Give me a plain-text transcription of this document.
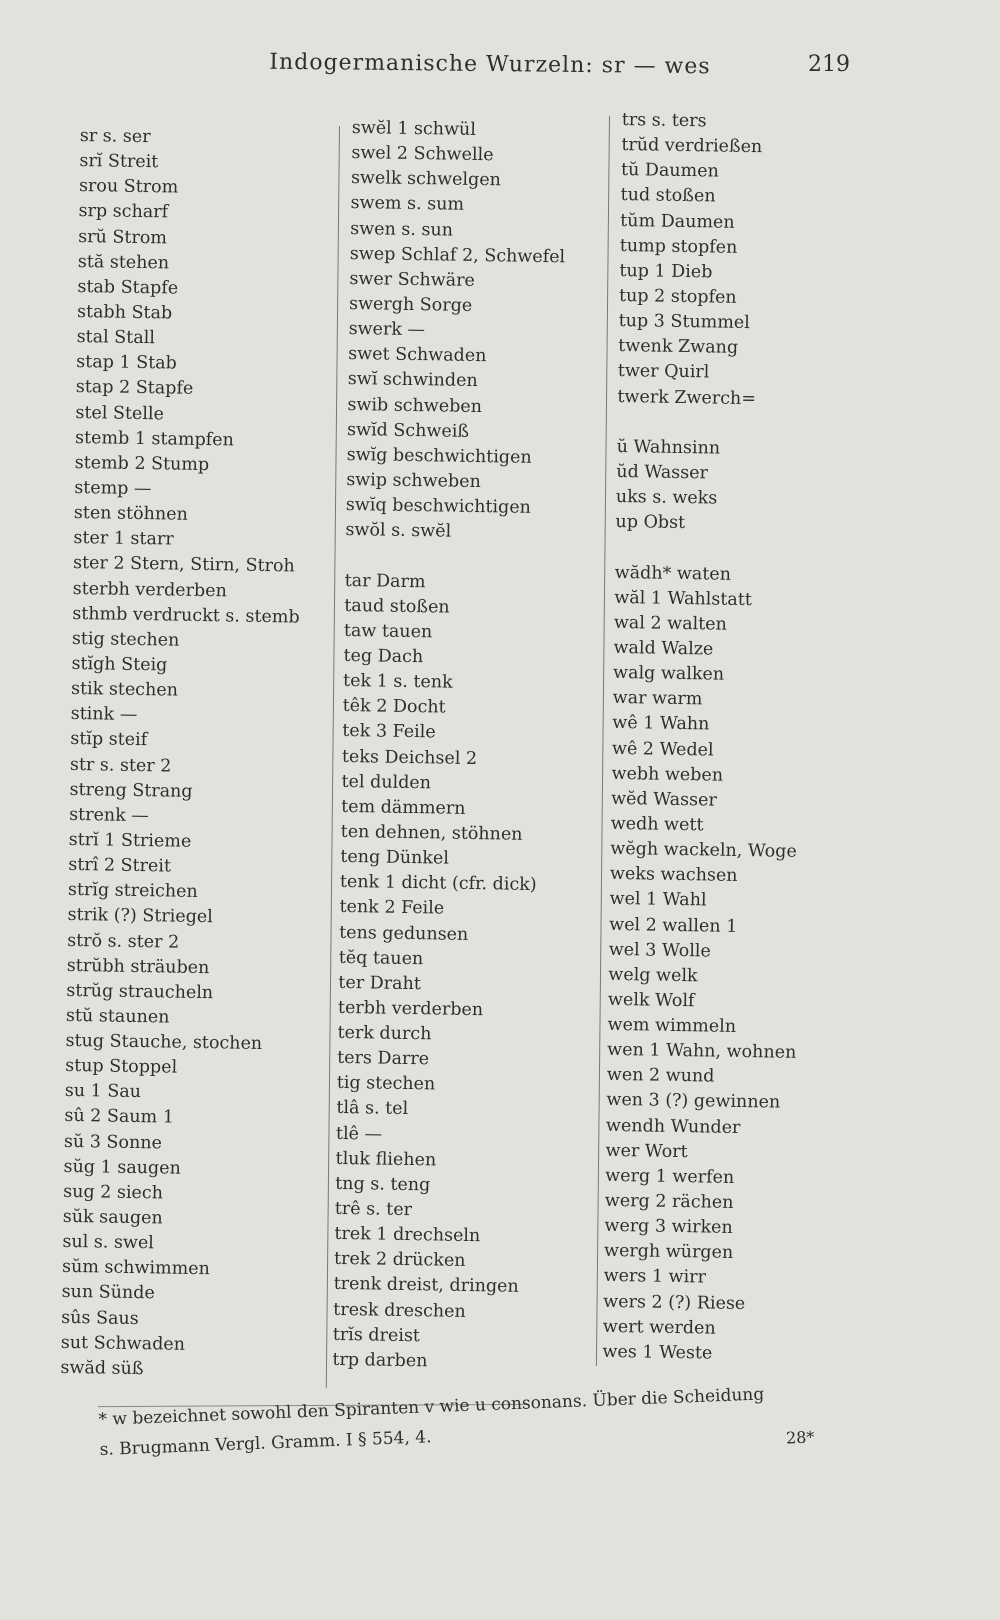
Indogermanische Wurzeln: sr — wes	219
sr s. ser
srĭ Streit
srou Strom
srp scharf
srŭ Strom
stă stehen
stab Stapfe
stabh Stab
stal Stall
stap 1 Stab
stap 2 Stapfe
stel Stelle
stemb 1 stampfen
stemb 2 Stump
stemp —
sten stöhnen
ster 1 starr
ster 2 Stern, Stirn, Stroh
sterbh verderben
sthmb verdruckt s. stemb
stig stechen
stĭgh Steig
stik stechen
stink —
stĭp steif
str s. ster 2
streng Strang
strenk —
strĭ 1 Strieme
strî 2 Streit
strĭg streichen
strik (?) Striegel
strŏ s. ster 2
strŭbh sträuben
strŭg straucheln
stŭ staunen
stug Stauche, stochen
stup Stoppel
su 1 Sau
sû 2 Saum 1
sŭ 3 Sonne
sŭg 1 saugen
sug 2 siech
sŭk saugen
sul s. swel
sŭm schwimmen
sun Sünde
sûs Saus
sut Schwaden
swăd süß
swĕl 1 schwül
swel 2 Schwelle
swelk schwelgen
swem s. sum
swen s. sun
swep Schlaf 2, Schwefel
swer Schwäre
swergh Sorge
swerk —
swet Schwaden
swĭ schwinden
swib schweben
swĭd Schweiß
swĭg beschwichtigen
swip schweben
swĭq beschwichtigen
swŏl s. swĕl
tar Darm
taud stoßen
taw tauen
teg Dach
tek 1 s. tenk
têk 2 Docht
tek 3 Feile
teks Deichsel 2
tel dulden
tem dämmern
ten dehnen, stöhnen
teng Dünkel
tenk 1 dicht (cfr. dick)
tenk 2 Feile
tens gedunsen
tĕq tauen
ter Draht
terbh verderben
terk durch
ters Darre
tig stechen
tlâ s. tel
tlê —
tluk fliehen
tng s. teng
trê s. ter
trek 1 drechseln
trek 2 drücken
trenk dreist, dringen
tresk dreschen
trĭs dreist
trp darben
trs s. ters
trŭd verdrießen
tŭ Daumen
tud stoßen
tŭm Daumen
tump stopfen
tup 1 Dieb
tup 2 stopfen
tup 3 Stummel
twenk Zwang
twer Quirl
twerk Zwerch=
ŭ Wahnsinn
ŭd Wasser
uks s. weks
up Obst
wădh* waten
wăl 1 Wahlstatt
wal 2 walten
wald Walze
walg walken
war warm
wê 1 Wahn
wê 2 Wedel
webh weben
wĕd Wasser
wedh wett
wĕgh wackeln, Woge
weks wachsen
wel 1 Wahl
wel 2 wallen 1
wel 3 Wolle
welg welk
welk Wolf
wem wimmeln
wen 1 Wahn, wohnen
wen 2 wund
wen 3 (?) gewinnen
wendh Wunder
wer Wort
werg 1 werfen
werg 2 rächen
werg 3 wirken
wergh würgen
wers 1 wirr
wers 2 (?) Riese
wert werden
wes 1 Weste
* w bezeichnet sowohl den Spiranten v wie u consonans. Über die Scheidung
s. Brugmann Vergl. Gramm. I § 554, 4.	28*
